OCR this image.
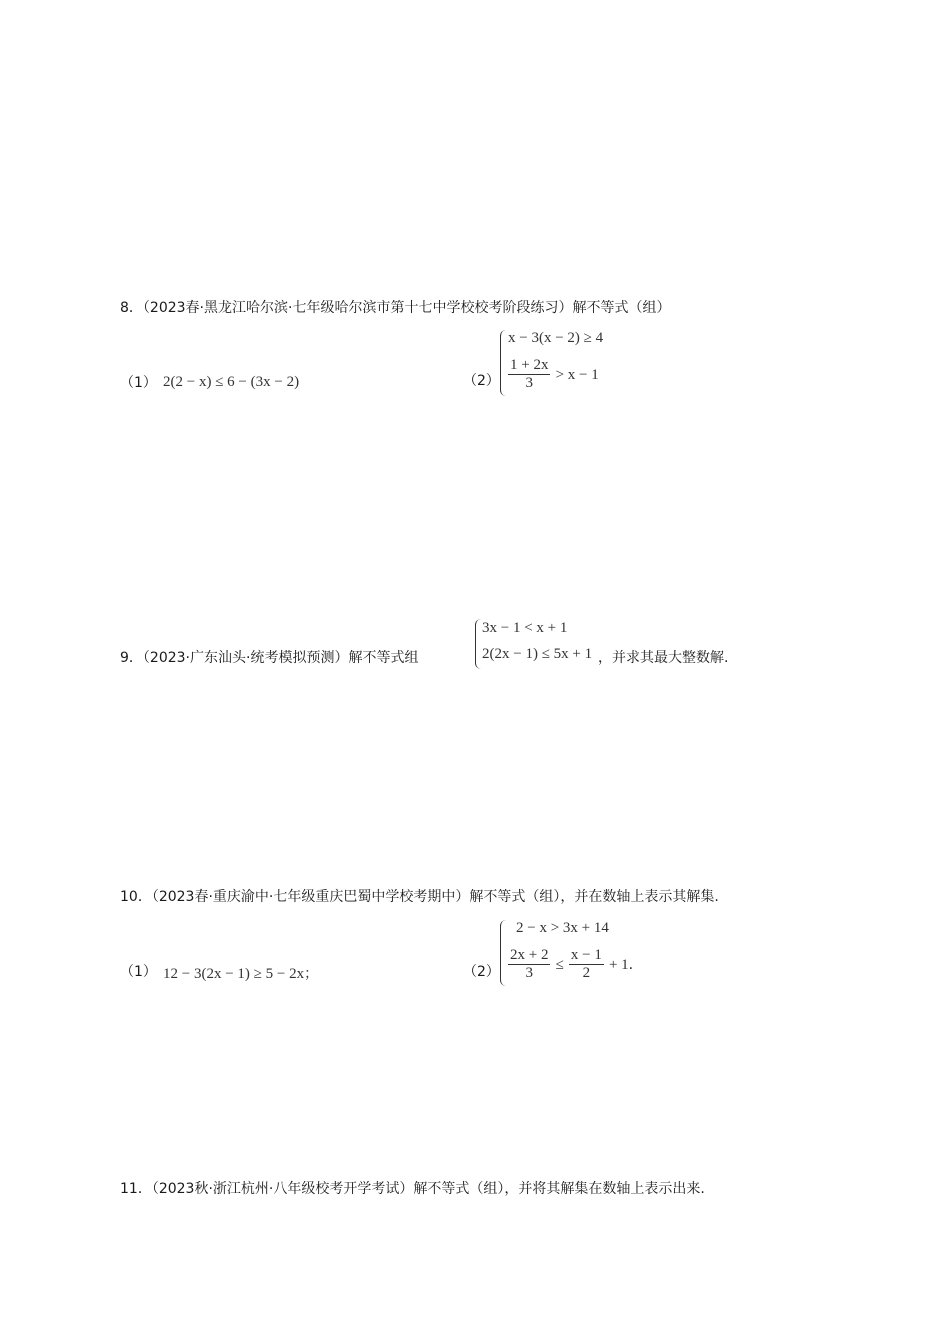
8．（2023春·黑龙江哈尔滨·七年级哈尔滨市第十七中学校校考阶段练习）解不等式（组）
（1） 2(2 − x) ≤ 6 − (3x − 2)	（2）
x − 3(x − 2) ≥ 4
$\frac{1 + 2x}{3} > x - 1$
9．（2023·广东汕头·统考模拟预测）解不等式组
3x − 1 < x + 1
2(2x − 1) ≤ 5x + 1 ，并求其最大整数解.
10．（2023春·重庆渝中·七年级重庆巴蜀中学校考期中）解不等式（组），并在数轴上表示其解集.
（1） 12 − 3(2x − 1) ≥ 5 − 2x；	（2）
2 − x > 3x + 14
$\frac{2x + 2}{3} \le \frac{x - 1}{2} + 1$.
11．（2023秋·浙江杭州·八年级校考开学考试）解不等式（组），并将其解集在数轴上表示出来.
